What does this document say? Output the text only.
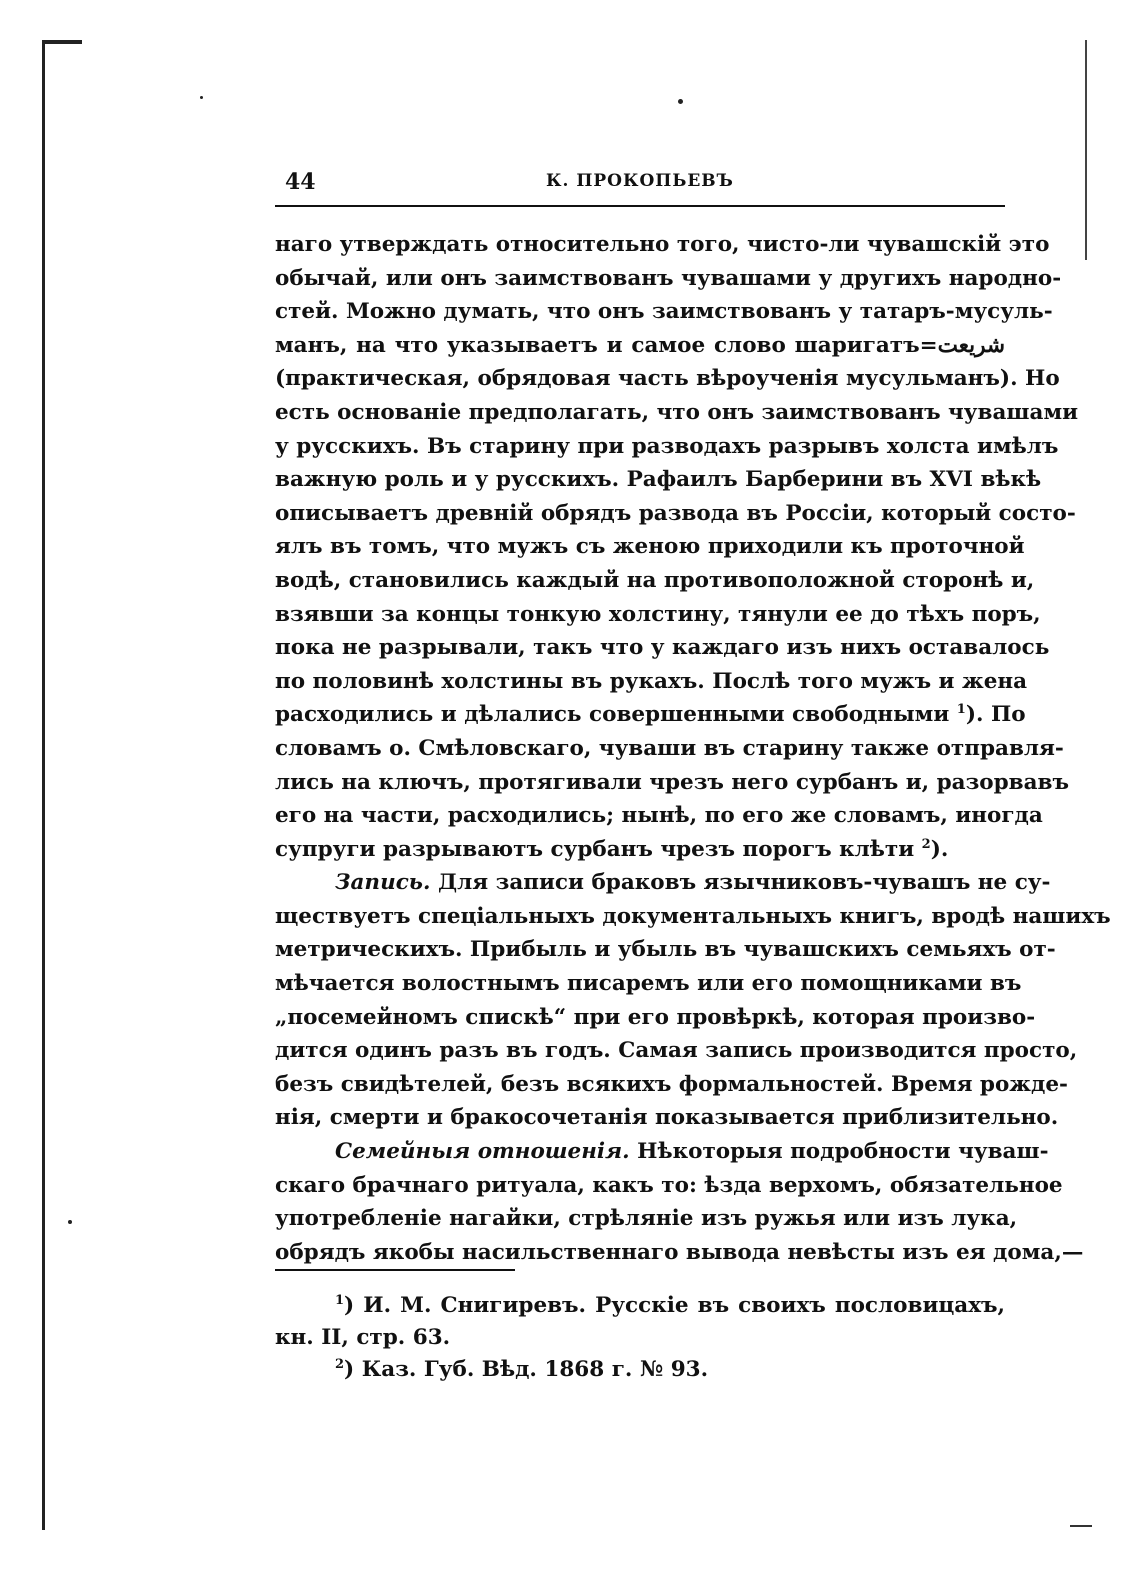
44	К. ПРОКОПЬЕВЪ
наго утверждать относительно того, чисто-ли чувашскій это
обычай, или онъ заимствованъ чувашами у другихъ народно-
стей. Можно думать, что онъ заимствованъ у татаръ-мусуль-
манъ, на что указываетъ и самое слово шаригатъ=شريعت
(практическая, обрядовая часть вѣроученія мусульманъ). Но
есть основаніе предполагать, что онъ заимствованъ чувашами
у русскихъ. Въ старину при разводахъ разрывъ холста имѣлъ
важную роль и у русскихъ. Рафаилъ Барберини въ XVI вѣкѣ
описываетъ древній обрядъ развода въ Россіи, который состо-
ялъ въ томъ, что мужъ съ женою приходили къ проточной
водѣ, становились каждый на противоположной сторонѣ и,
взявши за концы тонкую холстину, тянули ее до тѣхъ поръ,
пока не разрывали, такъ что у каждаго изъ нихъ оставалось
по половинѣ холстины въ рукахъ. Послѣ того мужъ и жена
расходились и дѣлались совершенными свободными $^1$). По
словамъ о. Смѣловскаго, чуваши въ старину также отправля-
лись на ключъ, протягивали чрезъ него сурбанъ и, разорвавъ
его на части, расходились; нынѣ, по его же словамъ, иногда
супруги разрываютъ сурбанъ чрезъ порогъ клѣти $^2$).
Запись. Для записи браковъ язычниковъ-чувашъ не су-
ществуетъ спеціальныхъ документальныхъ книгъ, вродѣ нашихъ
метрическихъ. Прибыль и убыль въ чувашскихъ семьяхъ от-
мѣчается волостнымъ писаремъ или его помощниками въ
„посемейномъ спискѣ“ при его провѣркѣ, которая произво-
дится одинъ разъ въ годъ. Самая запись производится просто,
безъ свидѣтелей, безъ всякихъ формальностей. Время рожде-
нія, смерти и бракосочетанія показывается приблизительно.
Семейныя отношенія. Нѣкоторыя подробности чуваш-
скаго брачнаго ритуала, какъ то: ѣзда верхомъ, обязательное
употребленіе нагайки, стрѣляніе изъ ружья или изъ лука,
обрядъ якобы насильственнаго вывода невѣсты изъ ея дома,—
$^1$) И. М. Снигиревъ. Русскіе въ своихъ пословицахъ,
кн. II, стр. 63.
$^2$) Каз. Губ. Вѣд. 1868 г. № 93.
